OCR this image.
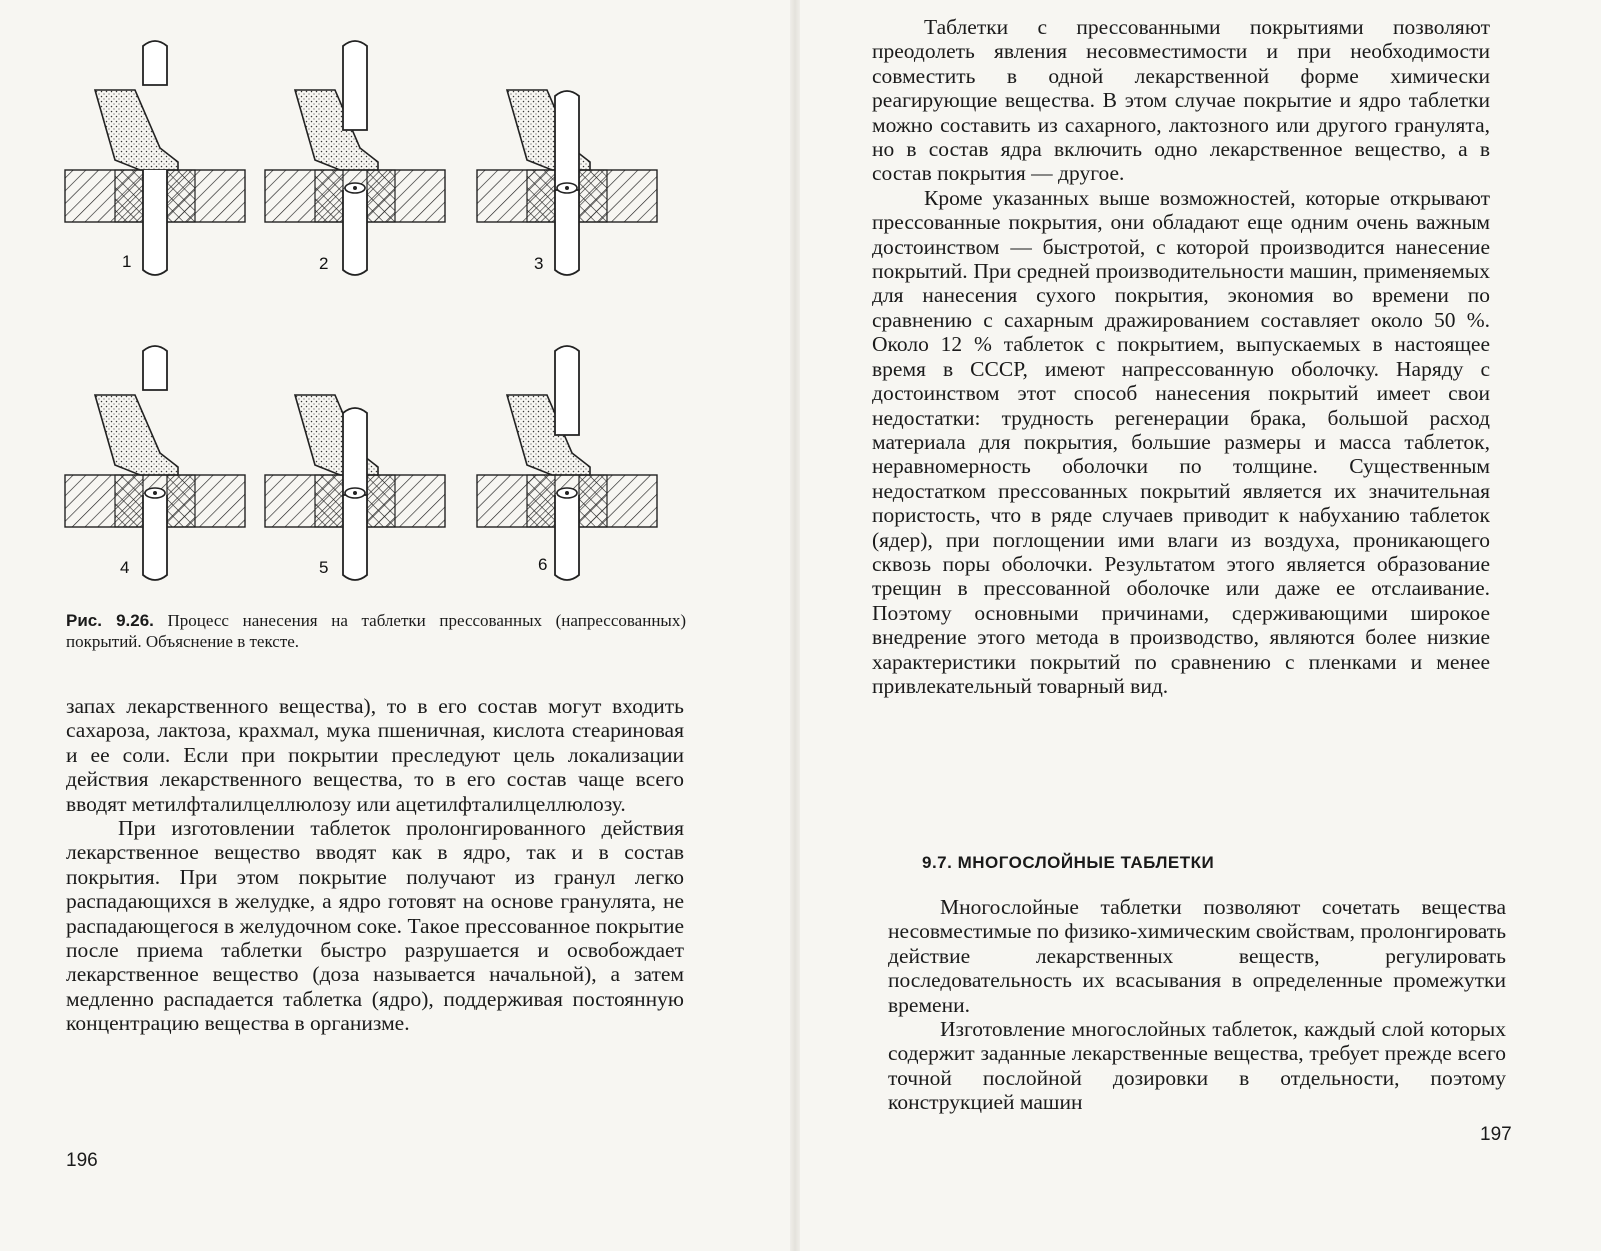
1	2	3
4	5	6
Рис. 9.26. Процесс нанесения на таблетки прессованных (напрессованных) покрытий. Объяснение в тексте.

запах лекарственного вещества), то в его состав могут входить сахароза, лактоза, крахмал, мука пшеничная, кислота стеариновая и ее соли. Если при покрытии преследуют цель локализации действия лекарственного вещества, то в его состав чаще всего вводят метилфталилцеллюлозу или ацетилфталилцеллюлозу.

При изготовлении таблеток пролонгированного действия лекарственное вещество вводят как в ядро, так и в состав покрытия. При этом покрытие получают из гранул легко распадающихся в желудке, а ядро готовят на основе гранулята, не распадающегося в желудочном соке. Такое прессованное покрытие после приема таблетки быстро разрушается и освобождает лекарственное вещество (доза называется начальной), а затем медленно распадается таблетка (ядро), поддерживая постоянную концентрацию вещества в организме.

196

Таблетки с прессованными покрытиями позволяют преодолеть явления несовместимости и при необходимости совместить в одной лекарственной форме химически реагирующие вещества. В этом случае покрытие и ядро таблетки можно составить из сахарного, лактозного или другого гранулята, но в состав ядра включить одно лекарственное вещество, а в состав покрытия — другое.

Кроме указанных выше возможностей, которые открывают прессованные покрытия, они обладают еще одним очень важным достоинством — быстротой, с которой производится нанесение покрытий. При средней производительности машин, применяемых для нанесения сухого покрытия, экономия во времени по сравнению с сахарным дражированием составляет около 50 %. Около 12 % таблеток с покрытием, выпускаемых в настоящее время в СССР, имеют напрессованную оболочку. Наряду с достоинством этот способ нанесения покрытий имеет свои недостатки: трудность регенерации брака, большой расход материала для покрытия, большие размеры и масса таблеток, неравномерность оболочки по толщине. Существенным недостатком прессованных покрытий является их значительная пористость, что в ряде случаев приводит к набуханию таблеток (ядер), при поглощении ими влаги из воздуха, проникающего сквозь поры оболочки. Результатом этого является образование трещин в прессованной оболочке или даже ее отслаивание. Поэтому основными причинами, сдерживающими широкое внедрение этого метода в производство, являются более низкие характеристики покрытий по сравнению с пленками и менее привлекательный товарный вид.

9.7. МНОГОСЛОЙНЫЕ ТАБЛЕТКИ

Многослойные таблетки позволяют сочетать вещества несовместимые по физико-химическим свойствам, пролонгировать действие лекарственных веществ, регулировать последовательность их всасывания в определенные промежутки времени.

Изготовление многослойных таблеток, каждый слой которых содержит заданные лекарственные вещества, требует прежде всего точной послойной дозировки в отдельности, поэтому конструкцией машин

197
